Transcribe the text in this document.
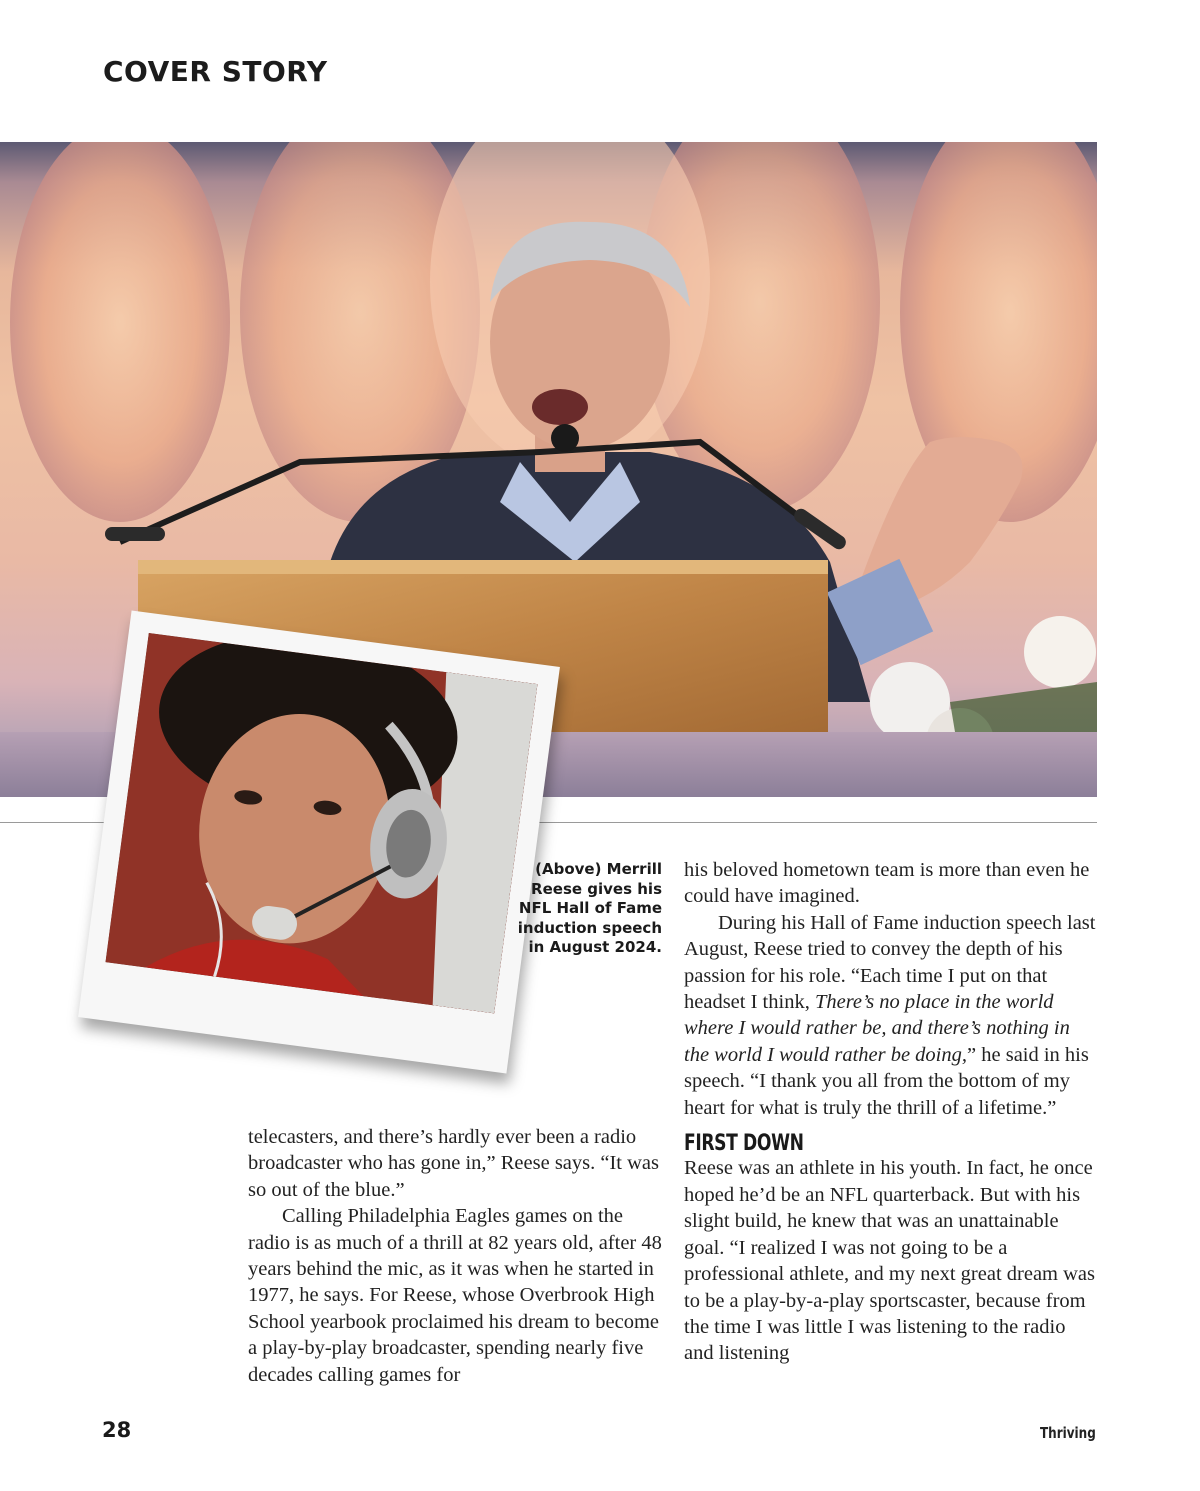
COVER STORY
(Above) Merrill
Reese gives his
NFL Hall of Fame
induction speech
in August 2024.

telecasters, and there’s hardly ever been a radio broadcaster who has gone in,” Reese says. “It was so out of the blue.”

Calling Philadelphia Eagles games on the radio is as much of a thrill at 82 years old, after 48 years behind the mic, as it was when he started in 1977, he says. For Reese, whose Overbrook High School yearbook proclaimed his dream to become a play-by-play broadcaster, spending nearly five decades calling games for

his beloved hometown team is more than even he could have imagined.

During his Hall of Fame induction speech last August, Reese tried to convey the depth of his passion for his role. “Each time I put on that headset I think, There’s no place in the world where I would rather be, and there’s nothing in the world I would rather be doing,” he said in his speech. “I thank you all from the bottom of my heart for what is truly the thrill of a lifetime.”

FIRST DOWN

Reese was an athlete in his youth. In fact, he once hoped he’d be an NFL quarterback. But with his slight build, he knew that was an unattainable goal. “I realized I was not going to be a professional athlete, and my next great dream was to be a play-by-a-play sportscaster, because from the time I was little I was listening to the radio and listening

28	Thriving
